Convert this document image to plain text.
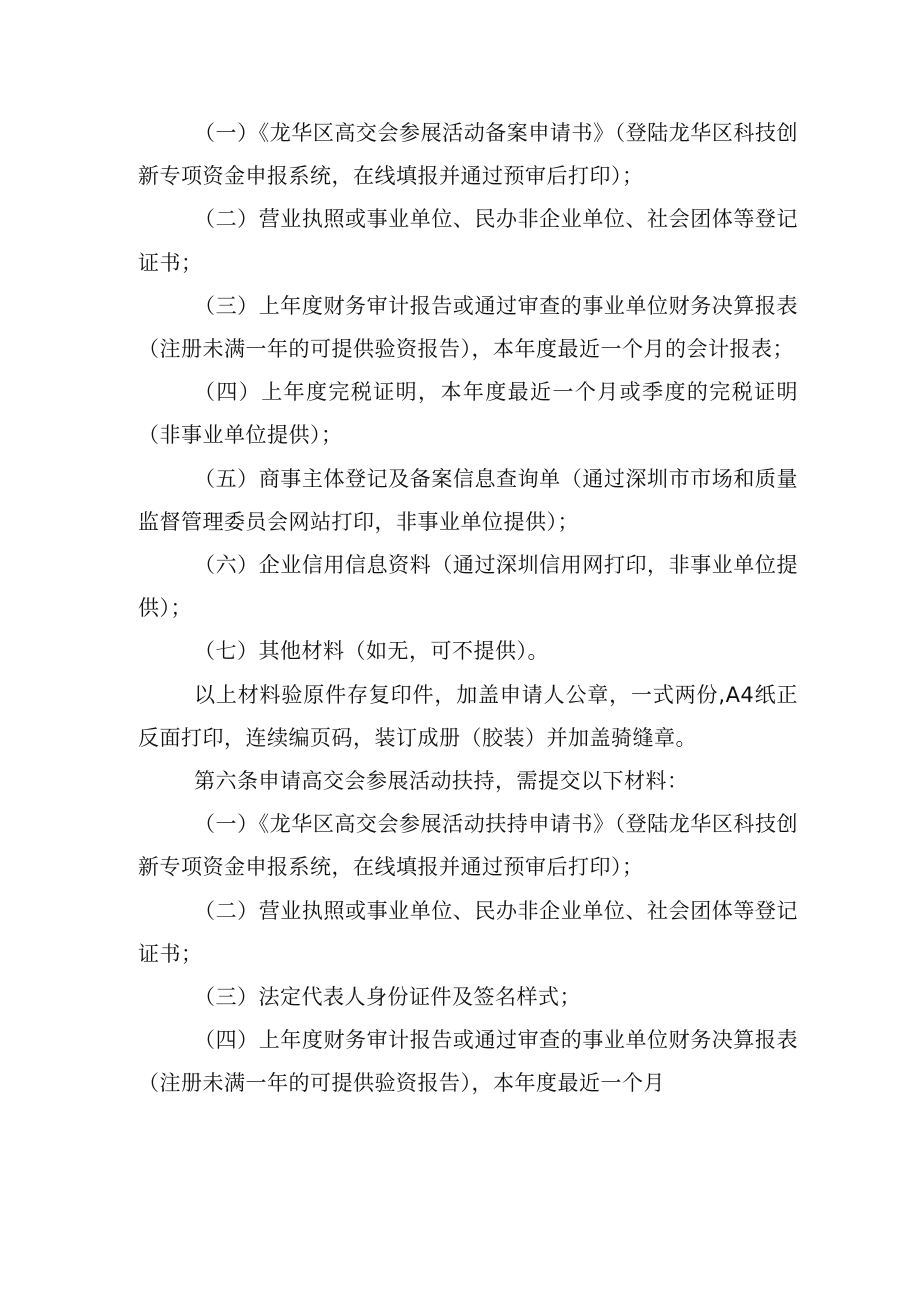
（一）《龙华区高交会参展活动备案申请书》（登陆龙华区科技创新专项资金申报系统，在线填报并通过预审后打印）；

（二）营业执照或事业单位、民办非企业单位、社会团体等登记证书；

（三）上年度财务审计报告或通过审查的事业单位财务决算报表（注册未满一年的可提供验资报告），本年度最近一个月的会计报表；

（四）上年度完税证明，本年度最近一个月或季度的完税证明（非事业单位提供）；

（五）商事主体登记及备案信息查询单（通过深圳市市场和质量监督管理委员会网站打印，非事业单位提供）；

（六）企业信用信息资料（通过深圳信用网打印，非事业单位提供）；

（七）其他材料（如无，可不提供）。

以上材料验原件存复印件，加盖申请人公章，一式两份,A4纸正反面打印，连续编页码，装订成册（胶装）并加盖骑缝章。

第六条申请高交会参展活动扶持，需提交以下材料：

（一）《龙华区高交会参展活动扶持申请书》（登陆龙华区科技创新专项资金申报系统，在线填报并通过预审后打印）；

（二）营业执照或事业单位、民办非企业单位、社会团体等登记证书；

（三）法定代表人身份证件及签名样式；

（四）上年度财务审计报告或通过审查的事业单位财务决算报表（注册未满一年的可提供验资报告），本年度最近一个月
